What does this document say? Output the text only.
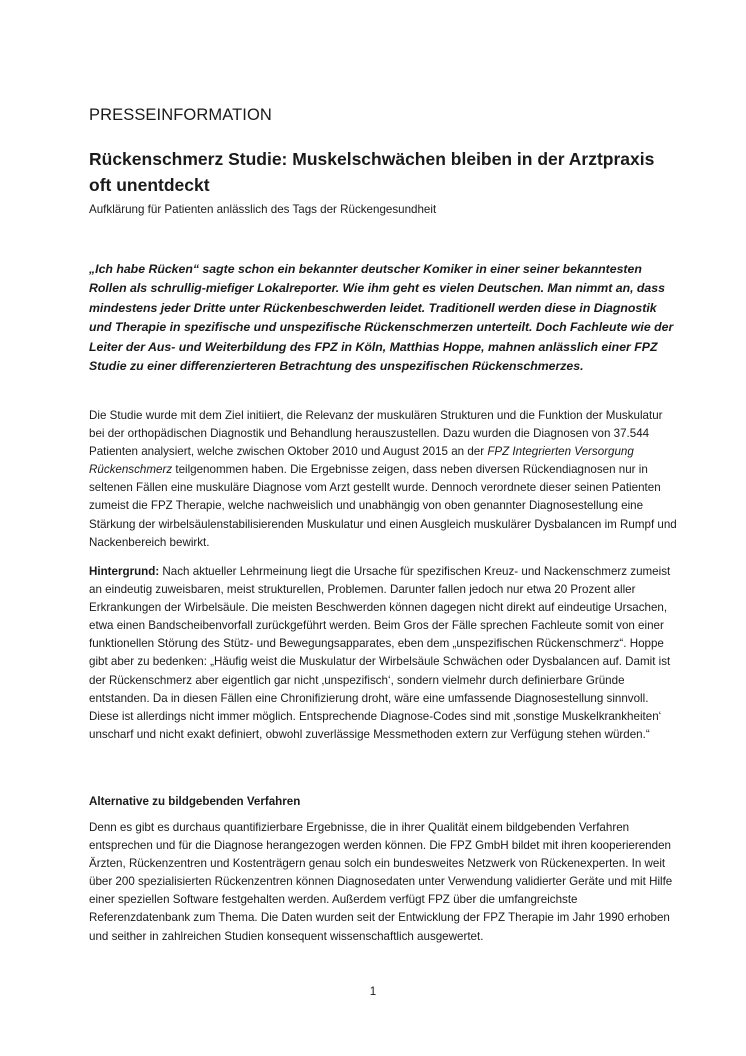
PRESSEINFORMATION
Rückenschmerz Studie: Muskelschwächen bleiben in der Arztpraxis oft unentdeckt
Aufklärung für Patienten anlässlich des Tags der Rückengesundheit

„Ich habe Rücken“ sagte schon ein bekannter deutscher Komiker in einer seiner bekanntesten Rollen als schrullig-miefiger Lokalreporter. Wie ihm geht es vielen Deutschen. Man nimmt an, dass mindestens jeder Dritte unter Rückenbeschwerden leidet. Traditionell werden diese in Diagnostik und Therapie in spezifische und unspezifische Rückenschmerzen unterteilt. Doch Fachleute wie der Leiter der Aus- und Weiterbildung des FPZ in Köln, Matthias Hoppe, mahnen anlässlich einer FPZ Studie zu einer differenzierteren Betrachtung des unspezifischen Rückenschmerzes.

Die Studie wurde mit dem Ziel initiiert, die Relevanz der muskulären Strukturen und die Funktion der Muskulatur bei der orthopädischen Diagnostik und Behandlung herauszustellen. Dazu wurden die Diagnosen von 37.544 Patienten analysiert, welche zwischen Oktober 2010 und August 2015 an der FPZ Integrierten Versorgung Rückenschmerz teilgenommen haben. Die Ergebnisse zeigen, dass neben diversen Rückendiagnosen nur in seltenen Fällen eine muskuläre Diagnose vom Arzt gestellt wurde. Dennoch verordnete dieser seinen Patienten zumeist die FPZ Therapie, welche nachweislich und unabhängig von oben genannter Diagnosestellung eine Stärkung der wirbelsäulenstabilisierenden Muskulatur und einen Ausgleich muskulärer Dysbalancen im Rumpf und Nackenbereich bewirkt.

Hintergrund: Nach aktueller Lehrmeinung liegt die Ursache für spezifischen Kreuz- und Nackenschmerz zumeist an eindeutig zuweisbaren, meist strukturellen, Problemen. Darunter fallen jedoch nur etwa 20 Prozent aller Erkrankungen der Wirbelsäule. Die meisten Beschwerden können dagegen nicht direkt auf eindeutige Ursachen, etwa einen Bandscheibenvorfall zurückgeführt werden. Beim Gros der Fälle sprechen Fachleute somit von einer funktionellen Störung des Stütz- und Bewegungsapparates, eben dem „unspezifischen Rückenschmerz“. Hoppe gibt aber zu bedenken: „Häufig weist die Muskulatur der Wirbelsäule Schwächen oder Dysbalancen auf. Damit ist der Rückenschmerz aber eigentlich gar nicht ‚unspezifisch‘, sondern vielmehr durch definierbare Gründe entstanden. Da in diesen Fällen eine Chronifizierung droht, wäre eine umfassende Diagnosestellung sinnvoll. Diese ist allerdings nicht immer möglich. Entsprechende Diagnose-Codes sind mit ‚sonstige Muskelkrankheiten‘ unscharf und nicht exakt definiert, obwohl zuverlässige Messmethoden extern zur Verfügung stehen würden.“

Alternative zu bildgebenden Verfahren

Denn es gibt es durchaus quantifizierbare Ergebnisse, die in ihrer Qualität einem bildgebenden Verfahren entsprechen und für die Diagnose herangezogen werden können. Die FPZ GmbH bildet mit ihren kooperierenden Ärzten, Rückenzentren und Kostenträgern genau solch ein bundesweites Netzwerk von Rückenexperten. In weit über 200 spezialisierten Rückenzentren können Diagnosedaten unter Verwendung validierter Geräte und mit Hilfe einer speziellen Software festgehalten werden. Außerdem verfügt FPZ über die umfangreichste Referenzdatenbank zum Thema. Die Daten wurden seit der Entwicklung der FPZ Therapie im Jahr 1990 erhoben und seither in zahlreichen Studien konsequent wissenschaftlich ausgewertet.

1
